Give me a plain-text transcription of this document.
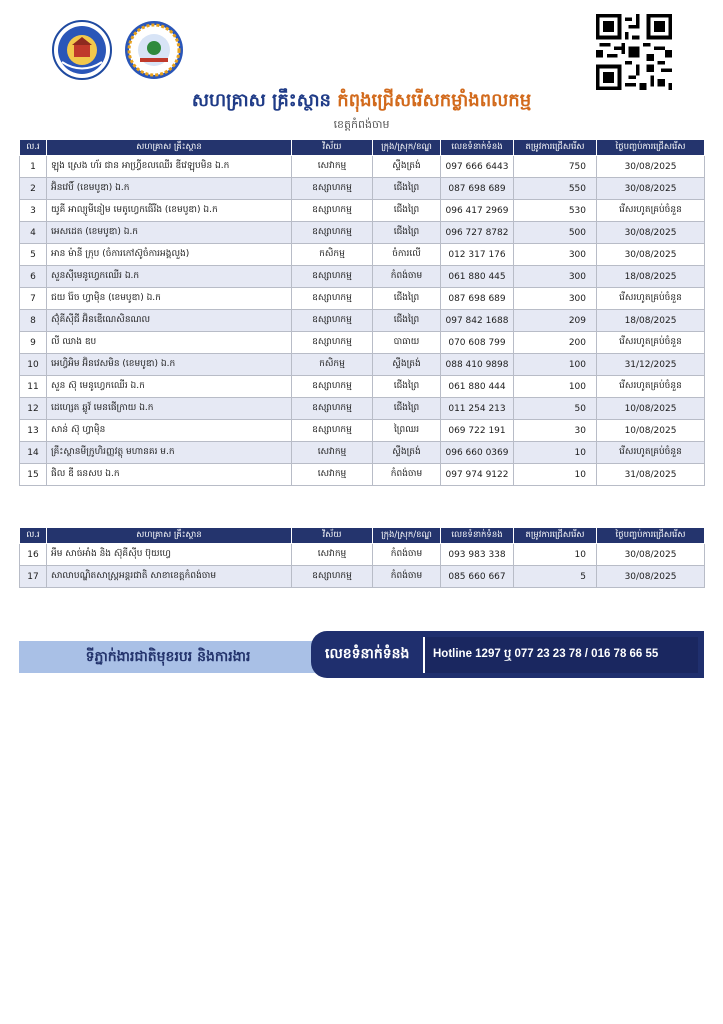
សហគ្រាស គ្រឹះស្ថាន កំពុងជ្រើសរើសកម្លាំងពលកម្ម
ខេត្តកំពង់ចាម
ល.រ	សហគ្រាស គ្រឹះស្ថាន	វិស័យ	ក្រុង/ស្រុក/ខណ្ឌ	លេខទំនាក់ទំនង	តម្រូវការជ្រើសរើស	ថ្ងៃបញ្ចប់ការជ្រើសរើស
1	ឡុង ស្រេង ហ័រ ជាន អាហ្វ្រីខលឈើរ ឌីវេឡុបមិន ឯ.ក	សេវាកម្ម	ស្ទឹងត្រង់	097 666 6443	750	30/08/2025
2	អ៊ិនវេបិ៍ (ខេមបូឌា) ឯ.ក	ឧស្សាហកម្ម	ជើងព្រៃ	087 698 689	550	30/08/2025
3	យូគី អាល្យូមីនៀម មេតូហ្វេកធើរីង (ខេមបូឌា) ឯ.ក	ឧស្សាហកម្ម	ជើងព្រៃ	096 417 2969	530	រើសរហូតគ្រប់ចំនួន
4	អេសដេត (ខេមបូឌា) ឯ.ក	ឧស្សាហកម្ម	ជើងព្រៃ	096 727 8782	500	30/08/2025
5	អាន ម៉ានី ក្រុប (ចំការកៅស៊ូចំការអង្គលួង)	កសិកម្ម	ចំការលើ	012 317 176	300	30/08/2025
6	សួនស៊ីមេនូហ្វេកឈើរ ឯ.ក	ឧស្សាហកម្ម	កំពង់ចាម	061 880 445	300	18/08/2025
7	ជយ រ៉ែច ហ្វាម៉ិន (ខេមបូឌា) ឯ.ក	ឧស្សាហកម្ម	ជើងព្រៃ	087 698 689	300	រើសរហូតគ្រប់ចំនួន
8	ស៊ុំគីស៊ីជី អ៊ិនឌើណេសិនណល	ឧស្សាហកម្ម	ជើងព្រៃ	097 842 1688	209	18/08/2025
9	លី ឈាង ឌប	ឧស្សាហកម្ម	បាធាយ	070 608 799	200	រើសរហូតគ្រប់ចំនួន
10	អេហ្វិអិម អ៊ិនវេសមិន (ខេមបូឌា) ឯ.ក	កសិកម្ម	ស្ទឹងត្រង់	088 410 9898	100	31/12/2025
11	សួន ស៊ុ មេនូហ្វេកឈើរ ឯ.ក	ឧស្សាហកម្ម	ជើងព្រៃ	061 880 444	100	រើសរហូតគ្រប់ចំនួន
12	ដេហ្សេត ឆ្លូវ៍ មេនផើក្រាយ ឯ.ក	ឧស្សាហកម្ម	ជើងព្រៃ	011 254 213	50	10/08/2025
13	សាន់ ស៊ុ ហ្វាម៉ិន	ឧស្សាហកម្ម	ព្រៃឈរ	069 722 191	30	10/08/2025
14	គ្រឹះស្ថានមីក្រូហិរញ្ញវត្ថុ មហានគរ ម.ក	សេវាកម្ម	ស្ទឹងត្រង់	096 660 0369	10	រើសរហូតគ្រប់ចំនួន
15	ផិល ឌី ធនសប ឯ.ក	សេវាកម្ម	កំពង់ចាម	097 974 9122	10	31/08/2025
ល.រ	សហគ្រាស គ្រឹះស្ថាន	វិស័យ	ក្រុង/ស្រុក/ខណ្ឌ	លេខទំនាក់ទំនង	តម្រូវការជ្រើសរើស	ថ្ងៃបញ្ចប់ការជ្រើសរើស
16	អឹម សាច់អាំង និង ស៊ុគីស៊ីប ប៊ុយហ្វេ	សេវាកម្ម	កំពង់ចាម	093 983 338	10	30/08/2025
17	សាលាបណ្ឌិតសាស្ត្រអន្តរជាតិ សាខាខេត្តកំពង់ចាម	ឧស្សាហកម្ម	កំពង់ចាម	085 660 667	5	30/08/2025
ទីភ្នាក់ងារជាតិមុខរបរ និងការងារ	លេខទំនាក់ទំនង	Hotline 1297 ឬ 077 23 23 78 / 016 78 66 55
